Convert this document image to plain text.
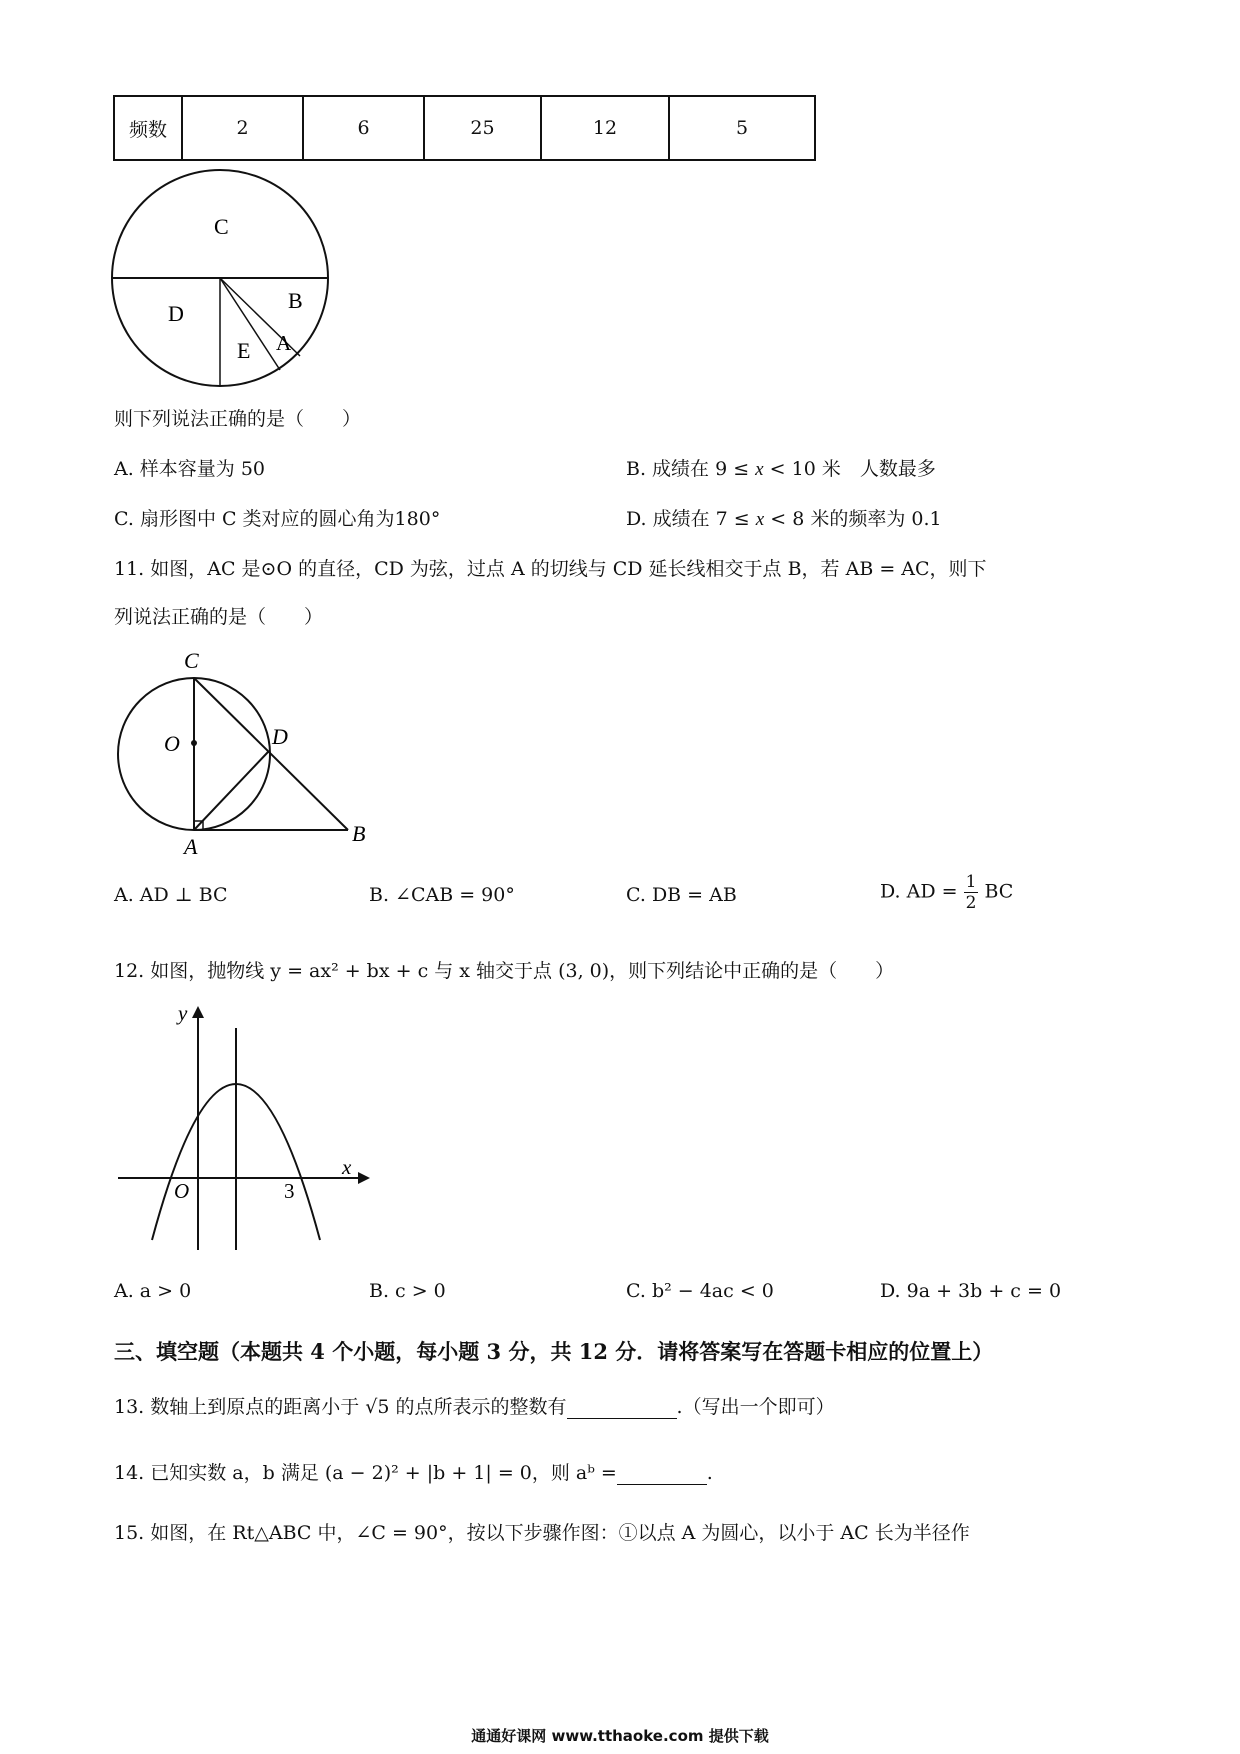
频数	2	6	25	12	5
C
D
B
A
E
则下列说法正确的是（　　）
A. 样本容量为 50	B. 成绩在 9 ≤ x < 10 米　人数最多
C. 扇形图中 C 类对应的圆心角为180°	D. 成绩在 7 ≤ x < 8 米的频率为 0.1
11. 如图，AC 是⊙O 的直径，CD 为弦，过点 A 的切线与 CD 延长线相交于点 B，若 AB = AC，则下
列说法正确的是（　　）
C
O	D
A
B
A. AD ⊥ BC	B. ∠CAB = 90°	C. DB = AB	D. AD = $\frac{1}{2}$ BC
12. 如图，抛物线 y = ax² + bx + c 与 x 轴交于点 (3, 0)，则下列结论中正确的是（　　）
y
x
O	3
A. a > 0	B. c > 0	C. b² − 4ac < 0	D. 9a + 3b + c = 0
三、填空题（本题共 4 个小题，每小题 3 分，共 12 分．请将答案写在答题卡相应的位置上）
13. 数轴上到原点的距离小于 √5 的点所表示的整数有	.（写出一个即可）
14. 已知实数 a，b 满足 (a − 2)² + |b + 1| = 0，则 aᵇ =	.
15. 如图，在 Rt△ABC 中，∠C = 90°，按以下步骤作图：①以点 A 为圆心，以小于 AC 长为半径作
通通好课网 www.tthaoke.com 提供下载
